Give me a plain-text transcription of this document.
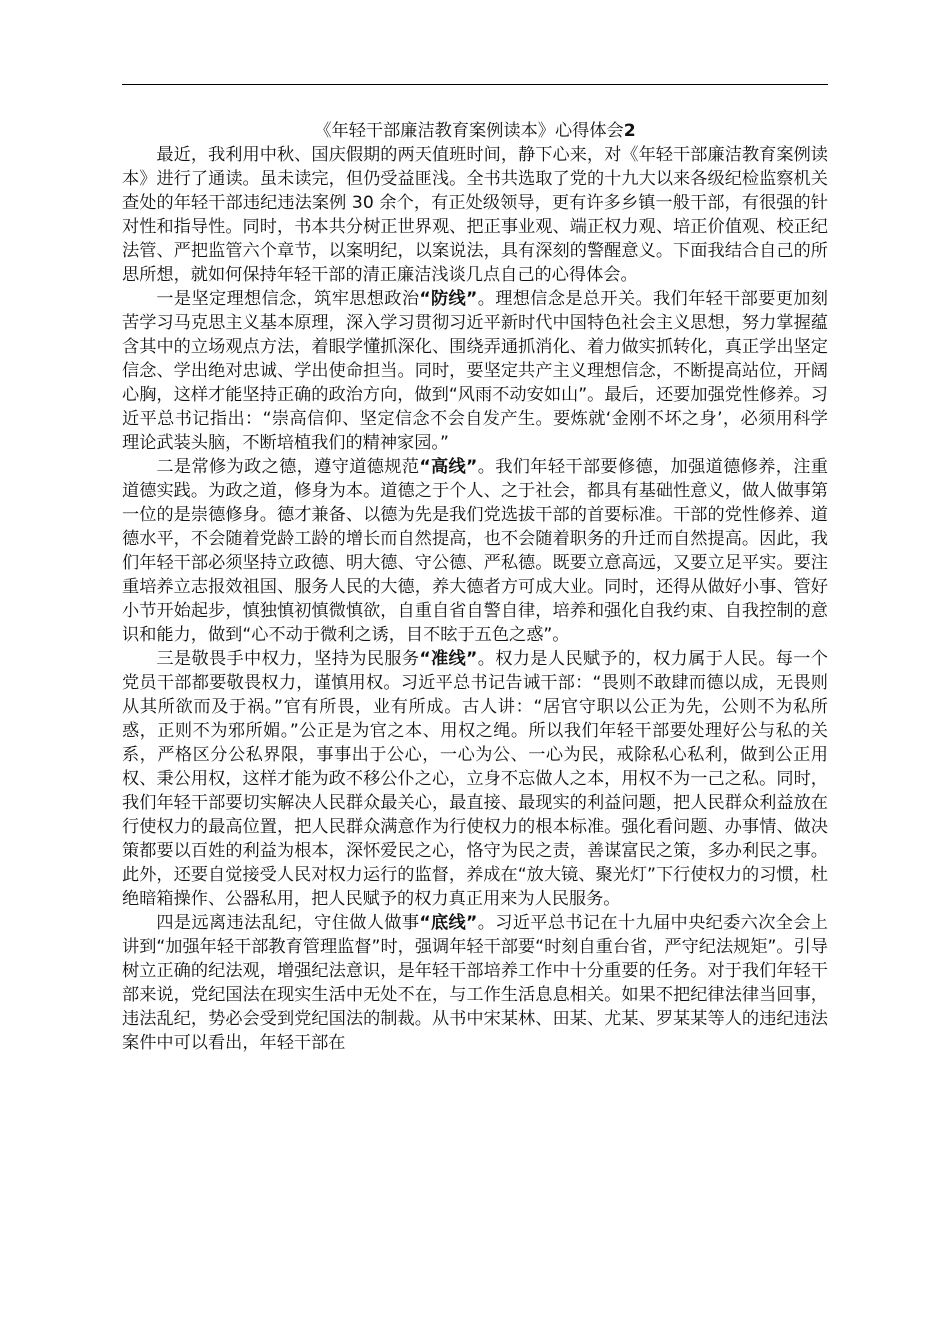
《年轻干部廉洁教育案例读本》心得体会2

最近，我利用中秋、国庆假期的两天值班时间，静下心来，对《年轻干部廉洁教育案例读本》进行了通读。虽未读完，但仍受益匪浅。全书共选取了党的十九大以来各级纪检监察机关查处的年轻干部违纪违法案例 30 余个，有正处级领导，更有许多乡镇一般干部，有很强的针对性和指导性。同时，书本共分树正世界观、把正事业观、端正权力观、培正价值观、校正纪法管、严把监管六个章节，以案明纪，以案说法，具有深刻的警醒意义。下面我结合自己的所思所想，就如何保持年轻干部的清正廉洁浅谈几点自己的心得体会。

一是坚定理想信念，筑牢思想政治“防线”。理想信念是总开关。我们年轻干部要更加刻苦学习马克思主义基本原理，深入学习贯彻习近平新时代中国特色社会主义思想，努力掌握蕴含其中的立场观点方法，着眼学懂抓深化、围绕弄通抓消化、着力做实抓转化，真正学出坚定信念、学出绝对忠诚、学出使命担当。同时，要坚定共产主义理想信念，不断提高站位，开阔心胸，这样才能坚持正确的政治方向，做到“风雨不动安如山”。最后，还要加强党性修养。习近平总书记指出：“崇高信仰、坚定信念不会自发产生。要炼就‘金刚不坏之身’，必须用科学理论武装头脑，不断培植我们的精神家园。”

二是常修为政之德，遵守道德规范“高线”。我们年轻干部要修德，加强道德修养，注重道德实践。为政之道，修身为本。道德之于个人、之于社会，都具有基础性意义，做人做事第一位的是崇德修身。德才兼备、以德为先是我们党选拔干部的首要标准。干部的党性修养、道德水平，不会随着党龄工龄的增长而自然提高，也不会随着职务的升迁而自然提高。因此，我们年轻干部必须坚持立政德、明大德、守公德、严私德。既要立意高远，又要立足平实。要注重培养立志报效祖国、服务人民的大德，养大德者方可成大业。同时，还得从做好小事、管好小节开始起步，慎独慎初慎微慎欲，自重自省自警自律，培养和强化自我约束、自我控制的意识和能力，做到“心不动于微利之诱，目不眩于五色之惑”。

三是敬畏手中权力，坚持为民服务“准线”。权力是人民赋予的，权力属于人民。每一个党员干部都要敬畏权力，谨慎用权。习近平总书记告诫干部：“畏则不敢肆而德以成，无畏则从其所欲而及于祸。”官有所畏，业有所成。古人讲：“居官守职以公正为先，公则不为私所惑，正则不为邪所媚。”公正是为官之本、用权之绳。所以我们年轻干部要处理好公与私的关系，严格区分公私界限，事事出于公心，一心为公、一心为民，戒除私心私利，做到公正用权、秉公用权，这样才能为政不移公仆之心，立身不忘做人之本，用权不为一己之私。同时，我们年轻干部要切实解决人民群众最关心，最直接、最现实的利益问题，把人民群众利益放在行使权力的最高位置，把人民群众满意作为行使权力的根本标准。强化看问题、办事情、做决策都要以百姓的利益为根本，深怀爱民之心，恪守为民之责，善谋富民之策，多办利民之事。此外，还要自觉接受人民对权力运行的监督，养成在“放大镜、聚光灯”下行使权力的习惯，杜绝暗箱操作、公器私用，把人民赋予的权力真正用来为人民服务。

四是远离违法乱纪，守住做人做事“底线”。习近平总书记在十九届中央纪委六次全会上讲到“加强年轻干部教育管理监督”时，强调年轻干部要“时刻自重台省，严守纪法规矩”。引导树立正确的纪法观，增强纪法意识，是年轻干部培养工作中十分重要的任务。对于我们年轻干部来说，党纪国法在现实生活中无处不在，与工作生活息息相关。如果不把纪律法律当回事，违法乱纪，势必会受到党纪国法的制裁。从书中宋某林、田某、尤某、罗某某等人的违纪违法案件中可以看出，年轻干部在
